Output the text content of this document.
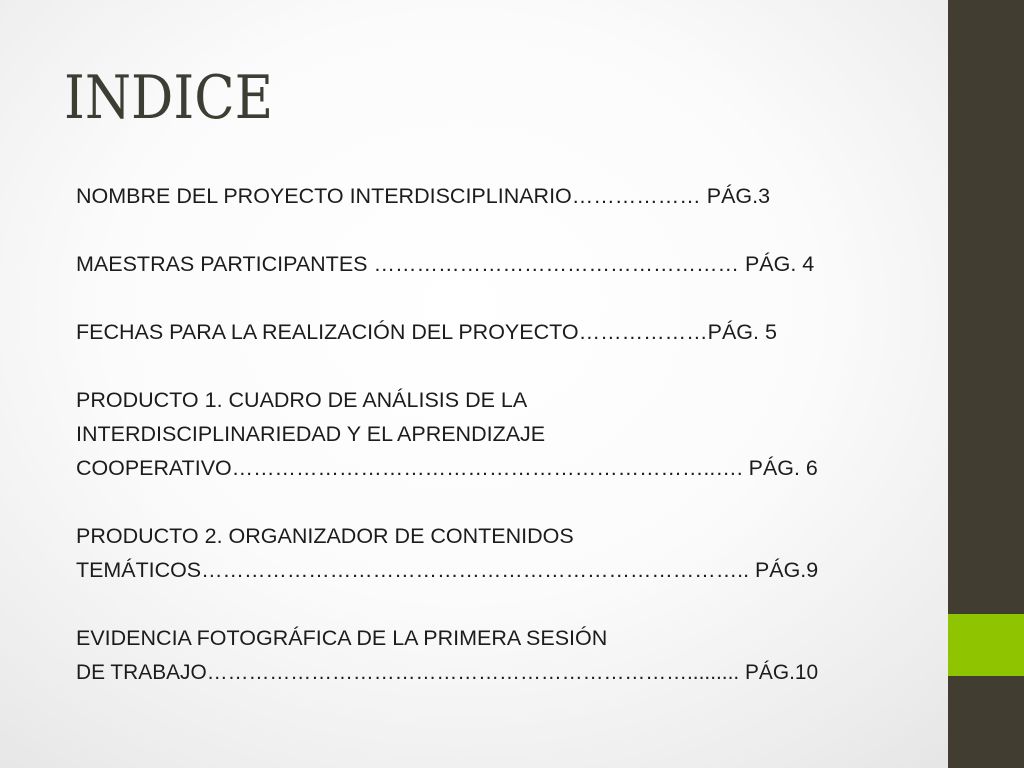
INDICE
NOMBRE DEL PROYECTO INTERDISCIPLINARIO……………… PÁG.3
MAESTRAS PARTICIPANTES …………………………………………… PÁG. 4
FECHAS PARA LA REALIZACIÓN DEL PROYECTO………………PÁG. 5
PRODUCTO 1. CUADRO DE ANÁLISIS DE LA
INTERDISCIPLINARIEDAD Y EL APRENDIZAJE
COOPERATIVO…………………………………………………………..…. PÁG. 6
PRODUCTO 2. ORGANIZADOR DE CONTENIDOS
TEMÁTICOS………………………………………………………………….. PÁG.9
EVIDENCIA FOTOGRÁFICA DE LA PRIMERA SESIÓN
DE TRABAJO……………………………………………………………......... PÁG.10
